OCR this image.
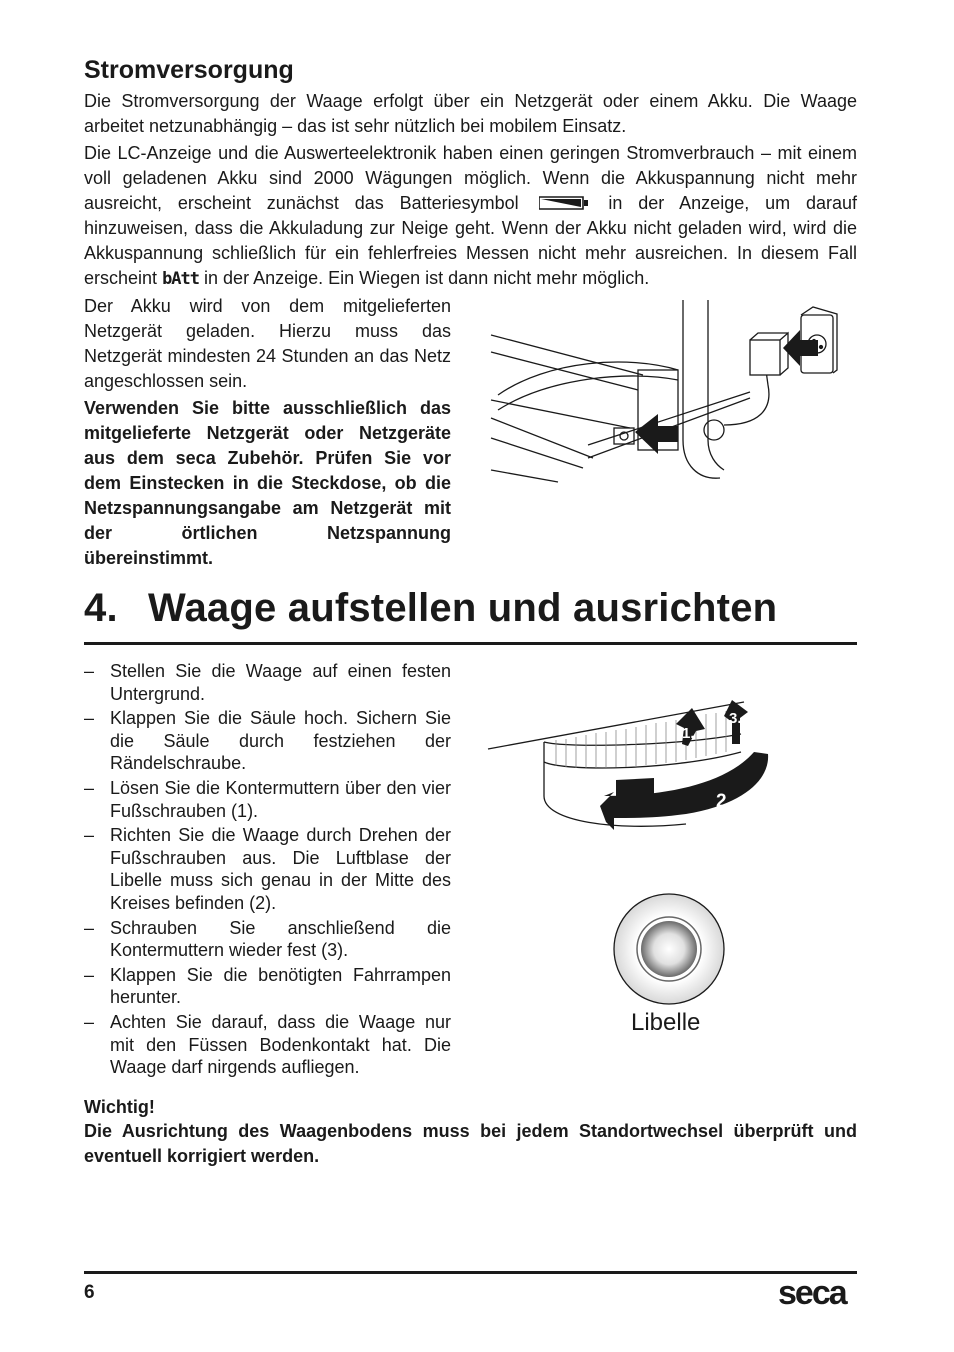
Stromversorgung

Die Stromversorgung der Waage erfolgt über ein Netzgerät oder einem Akku. Die Waage arbeitet netzunabhängig – das ist sehr nützlich bei mobilem Einsatz.

Die LC-Anzeige und die Auswerteelektronik haben einen geringen Stromverbrauch – mit einem voll geladenen Akku sind 2000 Wägungen möglich. Wenn die Akkuspannung nicht mehr ausreicht, erscheint zunächst das Batteriesymbol	in der Anzeige, um darauf hinzuweisen, dass die Akkuladung zur Neige geht. Wenn der Akku nicht geladen wird, wird die Akkuspannung schließlich für ein fehlerfreies Messen nicht mehr ausreichen. In diesem Fall erscheint bAtt in der Anzeige. Ein Wiegen ist dann nicht mehr möglich.

Der Akku wird von dem mitgelieferten Netzgerät geladen. Hierzu muss das Netzgerät mindesten 24 Stunden an das Netz angeschlossen sein.

Verwenden Sie bitte ausschließlich das mitgelieferte Netzgerät oder Netzgeräte aus dem seca Zubehör. Prüfen Sie vor dem Einstecken in die Steckdose, ob die Netzspannungsangabe am Netzgerät mit der örtlichen Netzspannung übereinstimmt.

4. Waage aufstellen und ausrichten
– Stellen Sie die Waage auf einen festen Untergrund.
– Klappen Sie die Säule hoch. Sichern Sie die Säule durch festziehen der Rändelschraube.
– Lösen Sie die Kontermuttern über den vier Fußschrauben (1).
– Richten Sie die Waage durch Drehen der Fußschrauben aus. Die Luftblase der Libelle muss sich genau in der Mitte des Kreises befinden (2).
– Schrauben Sie anschließend die Kontermuttern wieder fest (3).
– Klappen Sie die benötigten Fahrrampen herunter.
– Achten Sie darauf, dass die Waage nur mit den Füssen Bodenkontakt hat. Die Waage darf nirgends aufliegen.
1.
3.
2.
Libelle

Wichtig!

Die Ausrichtung des Waagenbodens muss bei jedem Standortwechsel überprüft und eventuell korrigiert werden.

6	seca
